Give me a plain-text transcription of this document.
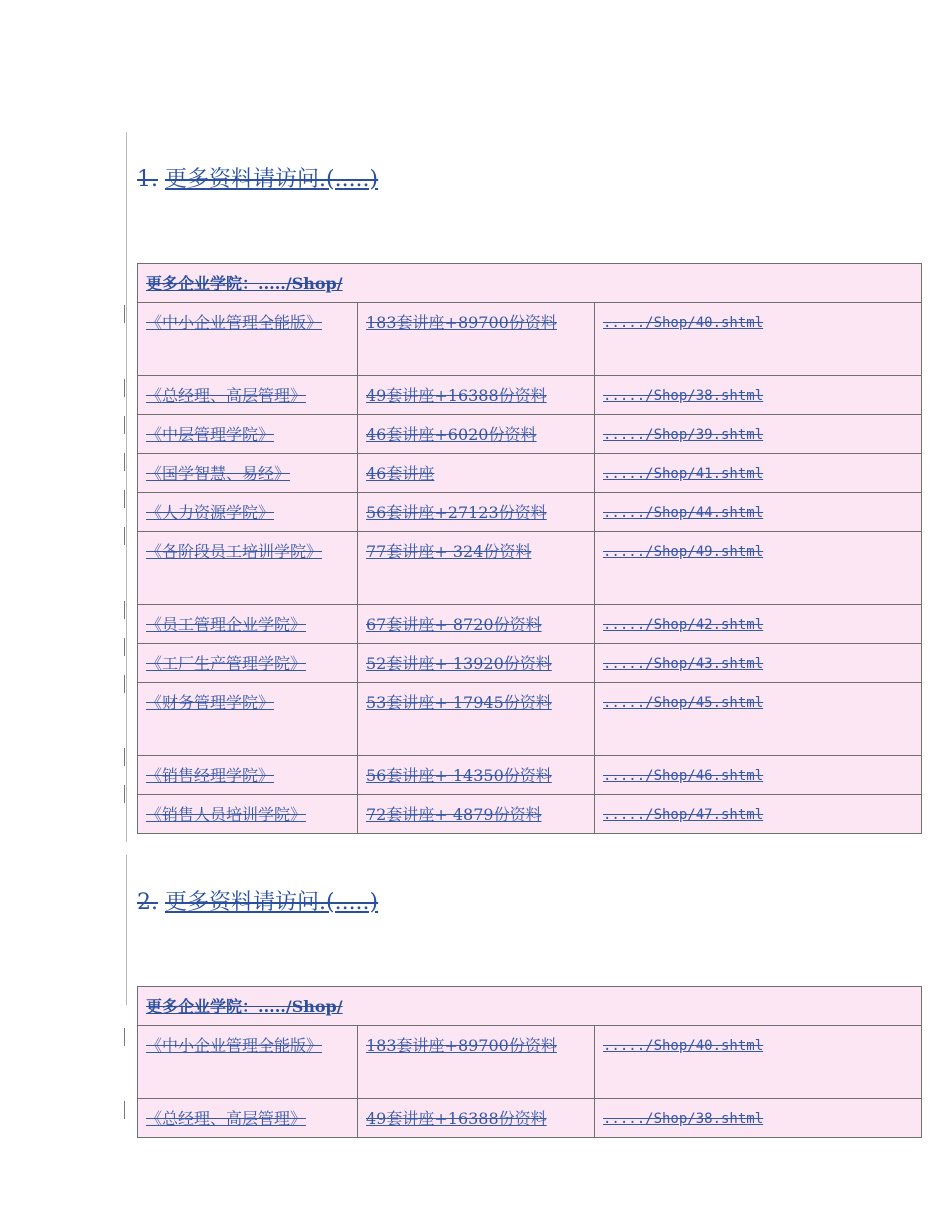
1. 更多资料请访问.(.....)
更多企业学院：...../Shop/		
《中小企业管理全能版》	183套讲座+89700份资料	...../Shop/40.shtml
《总经理、高层管理》	49套讲座+16388份资料	...../Shop/38.shtml
《中层管理学院》	46套讲座+6020份资料	...../Shop/39.shtml
《国学智慧、易经》	46套讲座	...../Shop/41.shtml
《人力资源学院》	56套讲座+27123份资料	...../Shop/44.shtml
《各阶段员工培训学院》	77套讲座+ 324份资料	...../Shop/49.shtml
《员工管理企业学院》	67套讲座+ 8720份资料	...../Shop/42.shtml
《工厂生产管理学院》	52套讲座+ 13920份资料	...../Shop/43.shtml
《财务管理学院》	53套讲座+ 17945份资料	...../Shop/45.shtml
《销售经理学院》	56套讲座+ 14350份资料	...../Shop/46.shtml
《销售人员培训学院》	72套讲座+ 4879份资料	...../Shop/47.shtml
2. 更多资料请访问.(.....)
更多企业学院：...../Shop/		
《中小企业管理全能版》	183套讲座+89700份资料	...../Shop/40.shtml
《总经理、高层管理》	49套讲座+16388份资料	...../Shop/38.shtml
